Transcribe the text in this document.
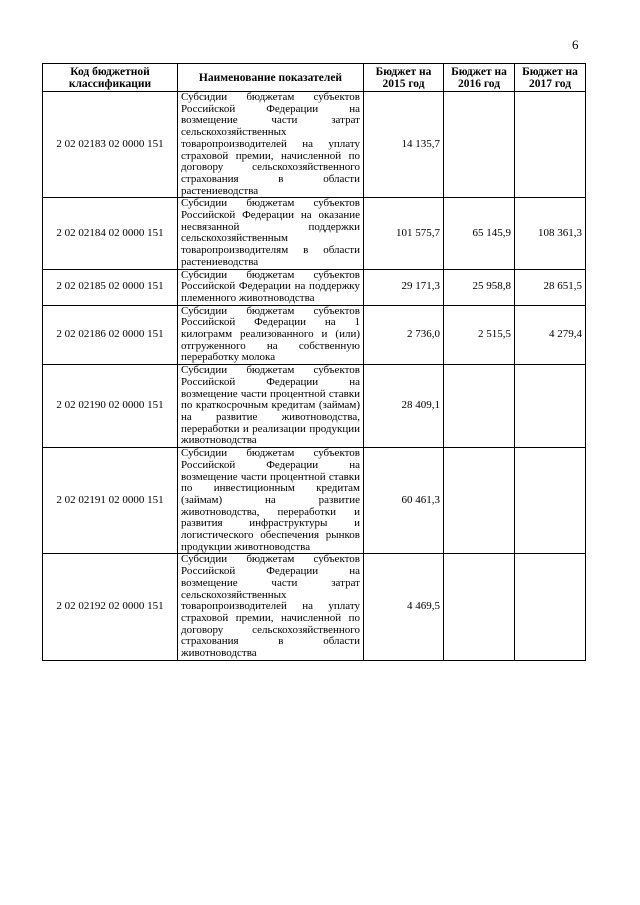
6
Код бюджетной классификации	Наименование показателей	Бюджет на 2015 год	Бюджет на 2016 год	Бюджет на 2017 год
2 02 02183 02 0000 151	Субсидии бюджетам субъектов Российской Федерации на возмещение части затрат сельскохозяйственных товаропроизводителей на уплату страховой премии, начисленной по договору сельскохозяйственного страхования в области растениеводства	14 135,7		
2 02 02184 02 0000 151	Субсидии бюджетам субъектов Российской Федерации на оказание несвязанной поддержки сельскохозяйственным товаропроизводителям в области растениеводства	101 575,7	65 145,9	108 361,3
2 02 02185 02 0000 151	Субсидии бюджетам субъектов Российской Федерации на поддержку племенного животноводства	29 171,3	25 958,8	28 651,5
2 02 02186 02 0000 151	Субсидии бюджетам субъектов Российской Федерации на 1 килограмм реализованного и (или) отгруженного на собственную переработку молока	2 736,0	2 515,5	4 279,4
2 02 02190 02 0000 151	Субсидии бюджетам субъектов Российской Федерации на возмещение части процентной ставки по краткосрочным кредитам (займам) на развитие животноводства, переработки и реализации продукции животноводства	28 409,1		
2 02 02191 02 0000 151	Субсидии бюджетам субъектов Российской Федерации на возмещение части процентной ставки по инвестиционным кредитам (займам) на развитие животноводства, переработки и развития инфраструктуры и логистического обеспечения рынков продукции животноводства	60 461,3		
2 02 02192 02 0000 151	Субсидии бюджетам субъектов Российской Федерации на возмещение части затрат сельскохозяйственных товаропроизводителей на уплату страховой премии, начисленной по договору сельскохозяйственного страхования в области животноводства	4 469,5		
